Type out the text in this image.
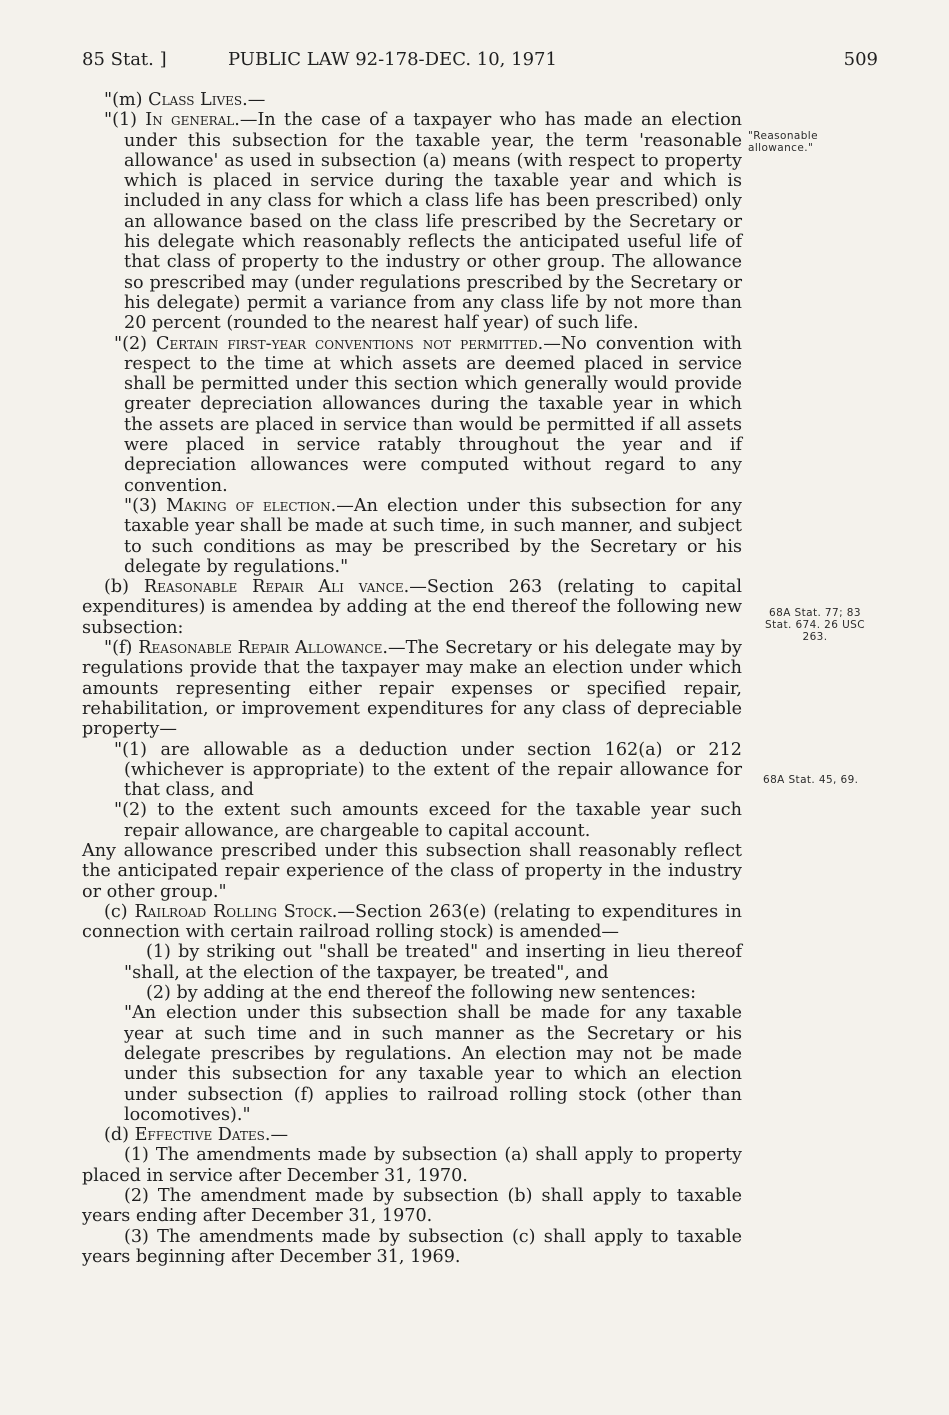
85 Stat. ]	PUBLIC LAW 92-178-DEC. 10, 1971	509
"Reasonable allowance."
68A Stat. 77; 83 Stat. 674. 26 USC 263.
68A Stat. 45, 69.

"(m) Class Lives.—

"(1) In general.—In the case of a taxpayer who has made an election under this subsection for the taxable year, the term 'reasonable allowance' as used in subsection (a) means (with respect to property which is placed in service during the taxable year and which is included in any class for which a class life has been prescribed) only an allowance based on the class life prescribed by the Secretary or his delegate which reasonably reflects the anticipated useful life of that class of property to the industry or other group. The allowance so prescribed may (under regulations prescribed by the Secretary or his delegate) permit a variance from any class life by not more than 20 percent (rounded to the nearest half year) of such life.

"(2) Certain first-year conventions not permitted.—No convention with respect to the time at which assets are deemed placed in service shall be permitted under this section which generally would provide greater depreciation allowances during the taxable year in which the assets are placed in service than would be permitted if all assets were placed in service ratably throughout the year and if depreciation allowances were computed without regard to any convention.

"(3) Making of election.—An election under this subsection for any taxable year shall be made at such time, in such manner, and subject to such conditions as may be prescribed by the Secretary or his delegate by regulations."

(b) Reasonable Repair Ali vance.—Section 263 (relating to capital expenditures) is amendea by adding at the end thereof the following new subsection:

"(f) Reasonable Repair Allowance.—The Secretary or his delegate may by regulations provide that the taxpayer may make an election under which amounts representing either repair expenses or specified repair, rehabilitation, or improvement expenditures for any class of depreciable property—

"(1) are allowable as a deduction under section 162(a) or 212 (whichever is appropriate) to the extent of the repair allowance for that class, and

"(2) to the extent such amounts exceed for the taxable year such repair allowance, are chargeable to capital account.

Any allowance prescribed under this subsection shall reasonably reflect the anticipated repair experience of the class of property in the industry or other group."

(c) Railroad Rolling Stock.—Section 263(e) (relating to expenditures in connection with certain railroad rolling stock) is amended—

(1) by striking out "shall be treated" and inserting in lieu thereof "shall, at the election of the taxpayer, be treated", and

(2) by adding at the end thereof the following new sentences:

"An election under this subsection shall be made for any taxable year at such time and in such manner as the Secretary or his delegate prescribes by regulations. An election may not be made under this subsection for any taxable year to which an election under subsection (f) applies to railroad rolling stock (other than locomotives)."

(d) Effective Dates.—

(1) The amendments made by subsection (a) shall apply to property placed in service after December 31, 1970.

(2) The amendment made by subsection (b) shall apply to taxable years ending after December 31, 1970.

(3) The amendments made by subsection (c) shall apply to taxable years beginning after December 31, 1969.
